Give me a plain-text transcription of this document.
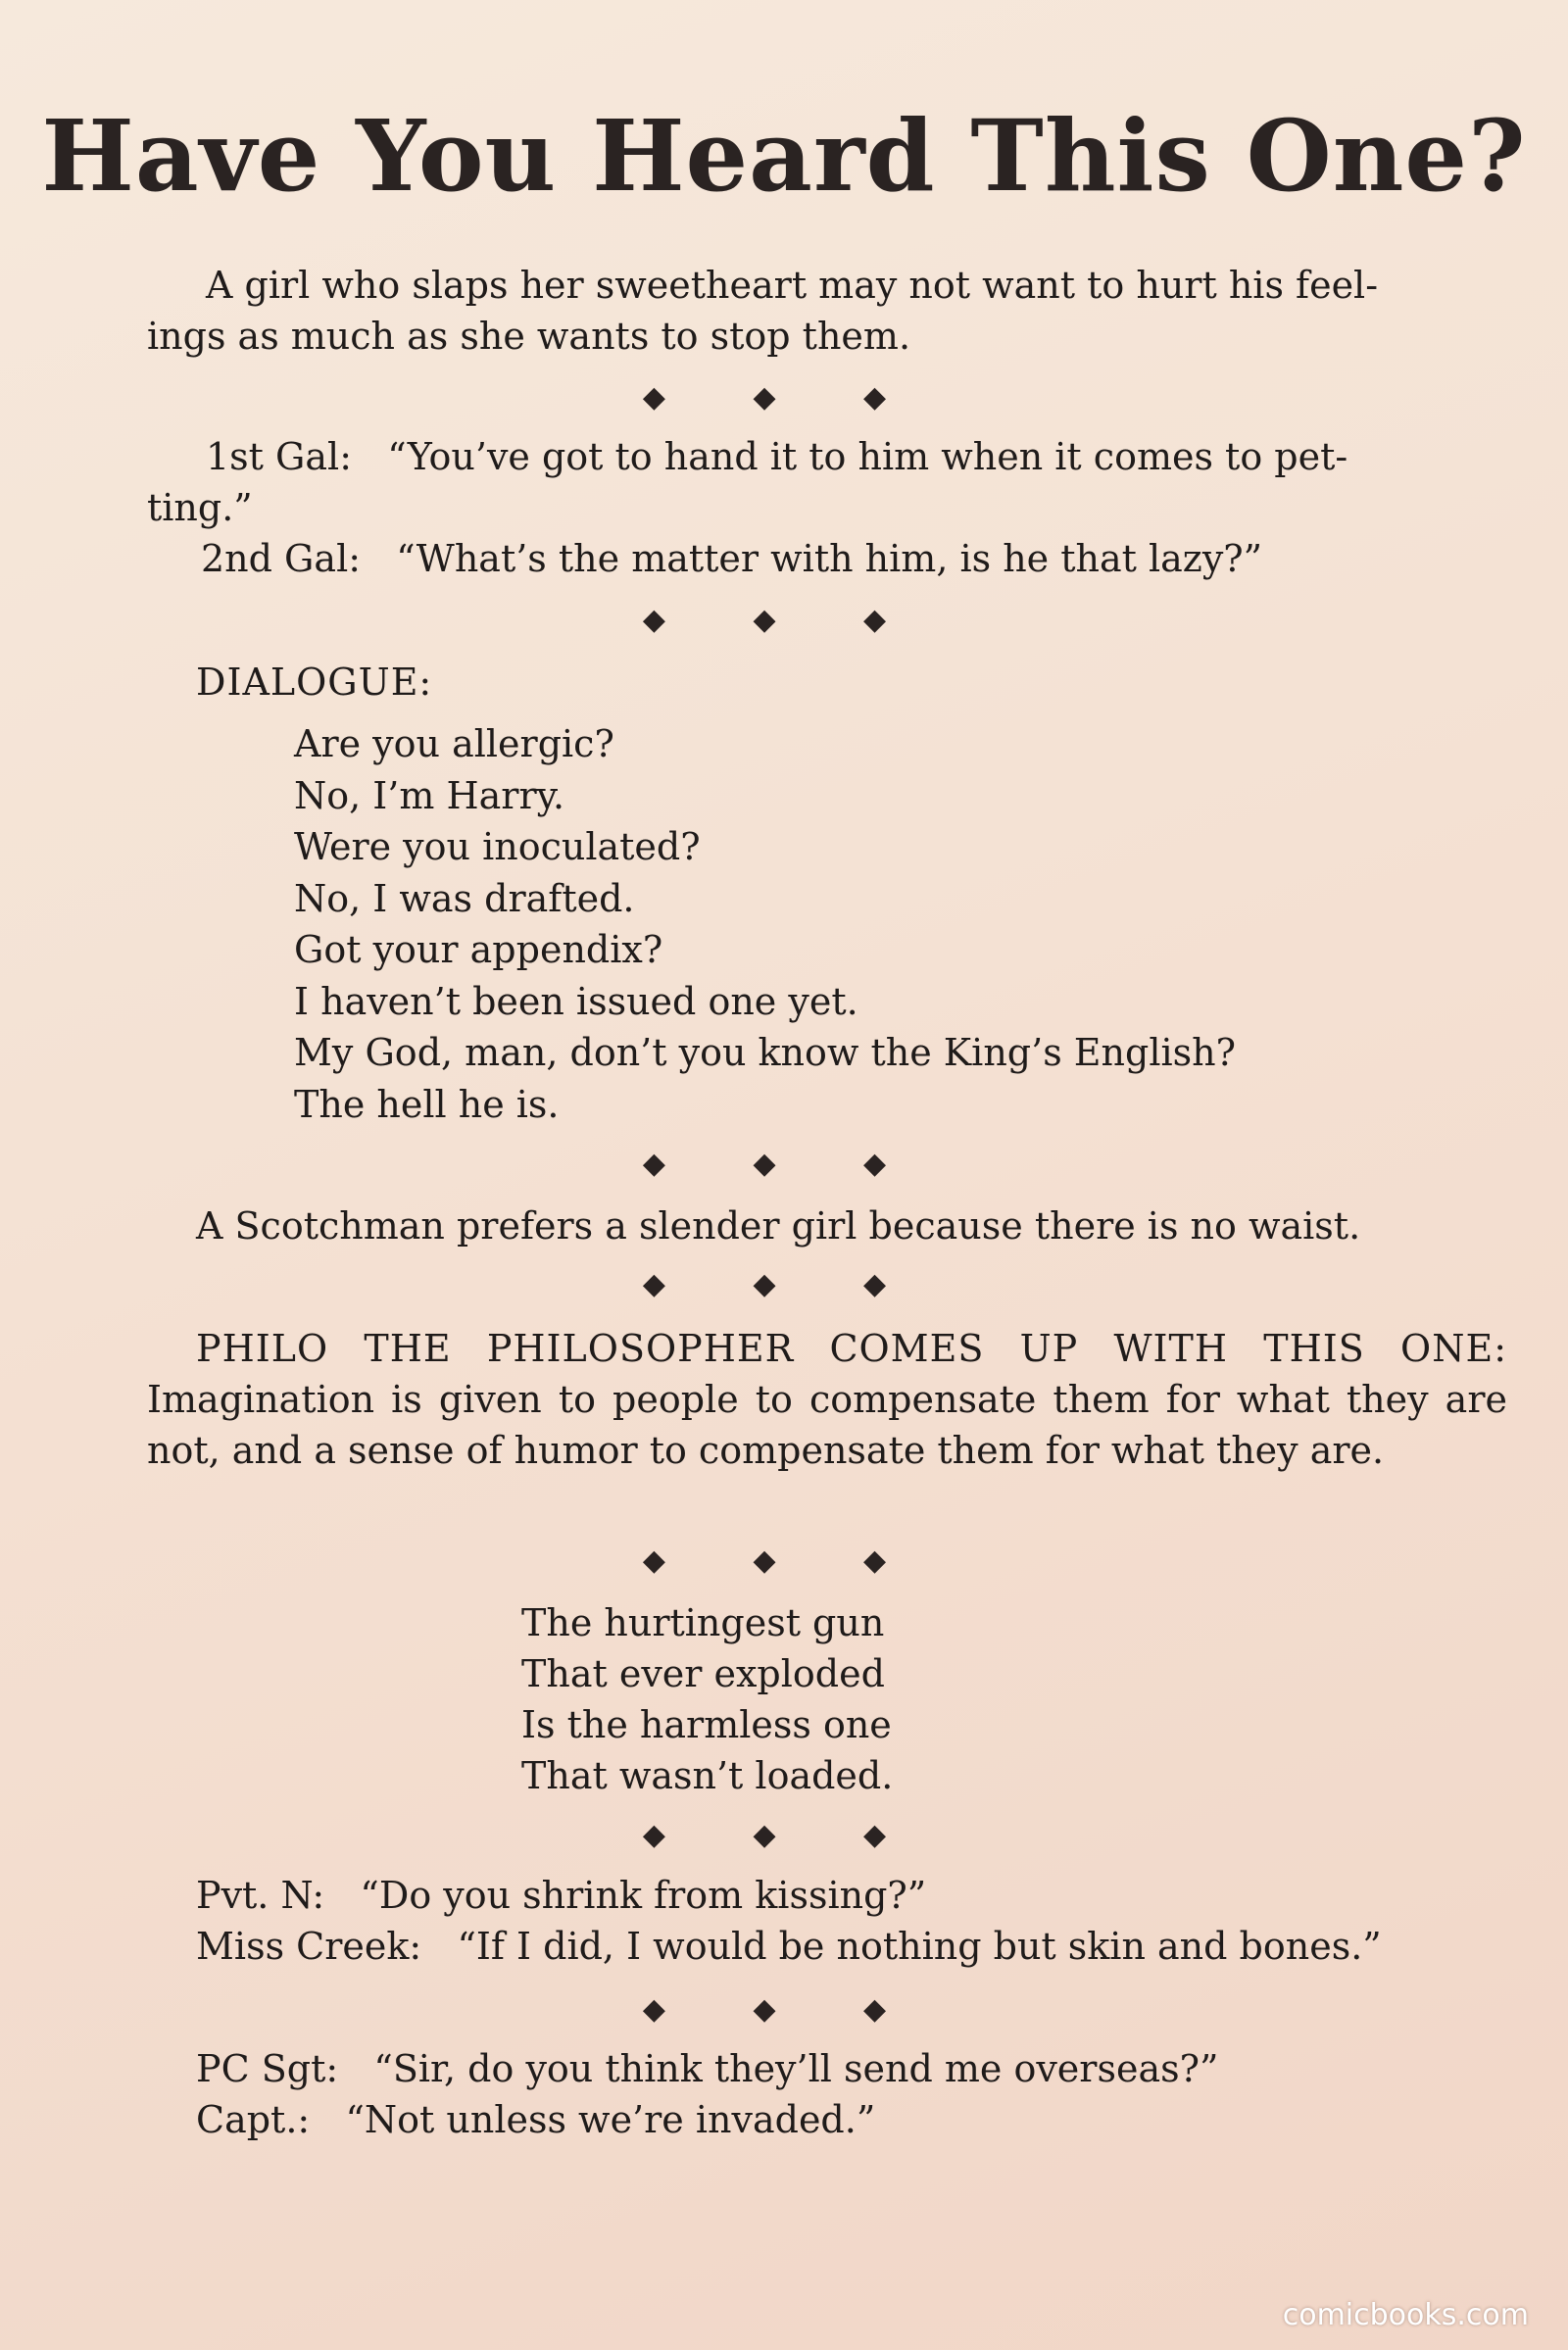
Have You Heard This One?
A girl who slaps her sweetheart may not want to hurt his feel-
ings as much as she wants to stop them.
◆ ◆ ◆
1st Gal: “You’ve got to hand it to him when it comes to pet-
ting.”
2nd Gal: “What’s the matter with him, is he that lazy?”
◆ ◆ ◆
DIALOGUE:
Are you allergic?
No, I’m Harry.
Were you inoculated?
No, I was drafted.
Got your appendix?
I haven’t been issued one yet.
My God, man, don’t you know the King’s English?
The hell he is.
◆ ◆ ◆
A Scotchman prefers a slender girl because there is no waist.
◆ ◆ ◆
PHILO THE PHILOSOPHER COMES UP WITH THIS ONE: Imagination is given to people to compensate them for what they are not, and a sense of humor to compensate them for what they are.
◆ ◆ ◆
The hurtingest gun
That ever exploded
Is the harmless one
That wasn’t loaded.
◆ ◆ ◆
Pvt. N: “Do you shrink from kissing?”
Miss Creek: “If I did, I would be nothing but skin and bones.”
◆ ◆ ◆
PC Sgt: “Sir, do you think they’ll send me overseas?”
Capt.: “Not unless we’re invaded.”
comicbooks.com
